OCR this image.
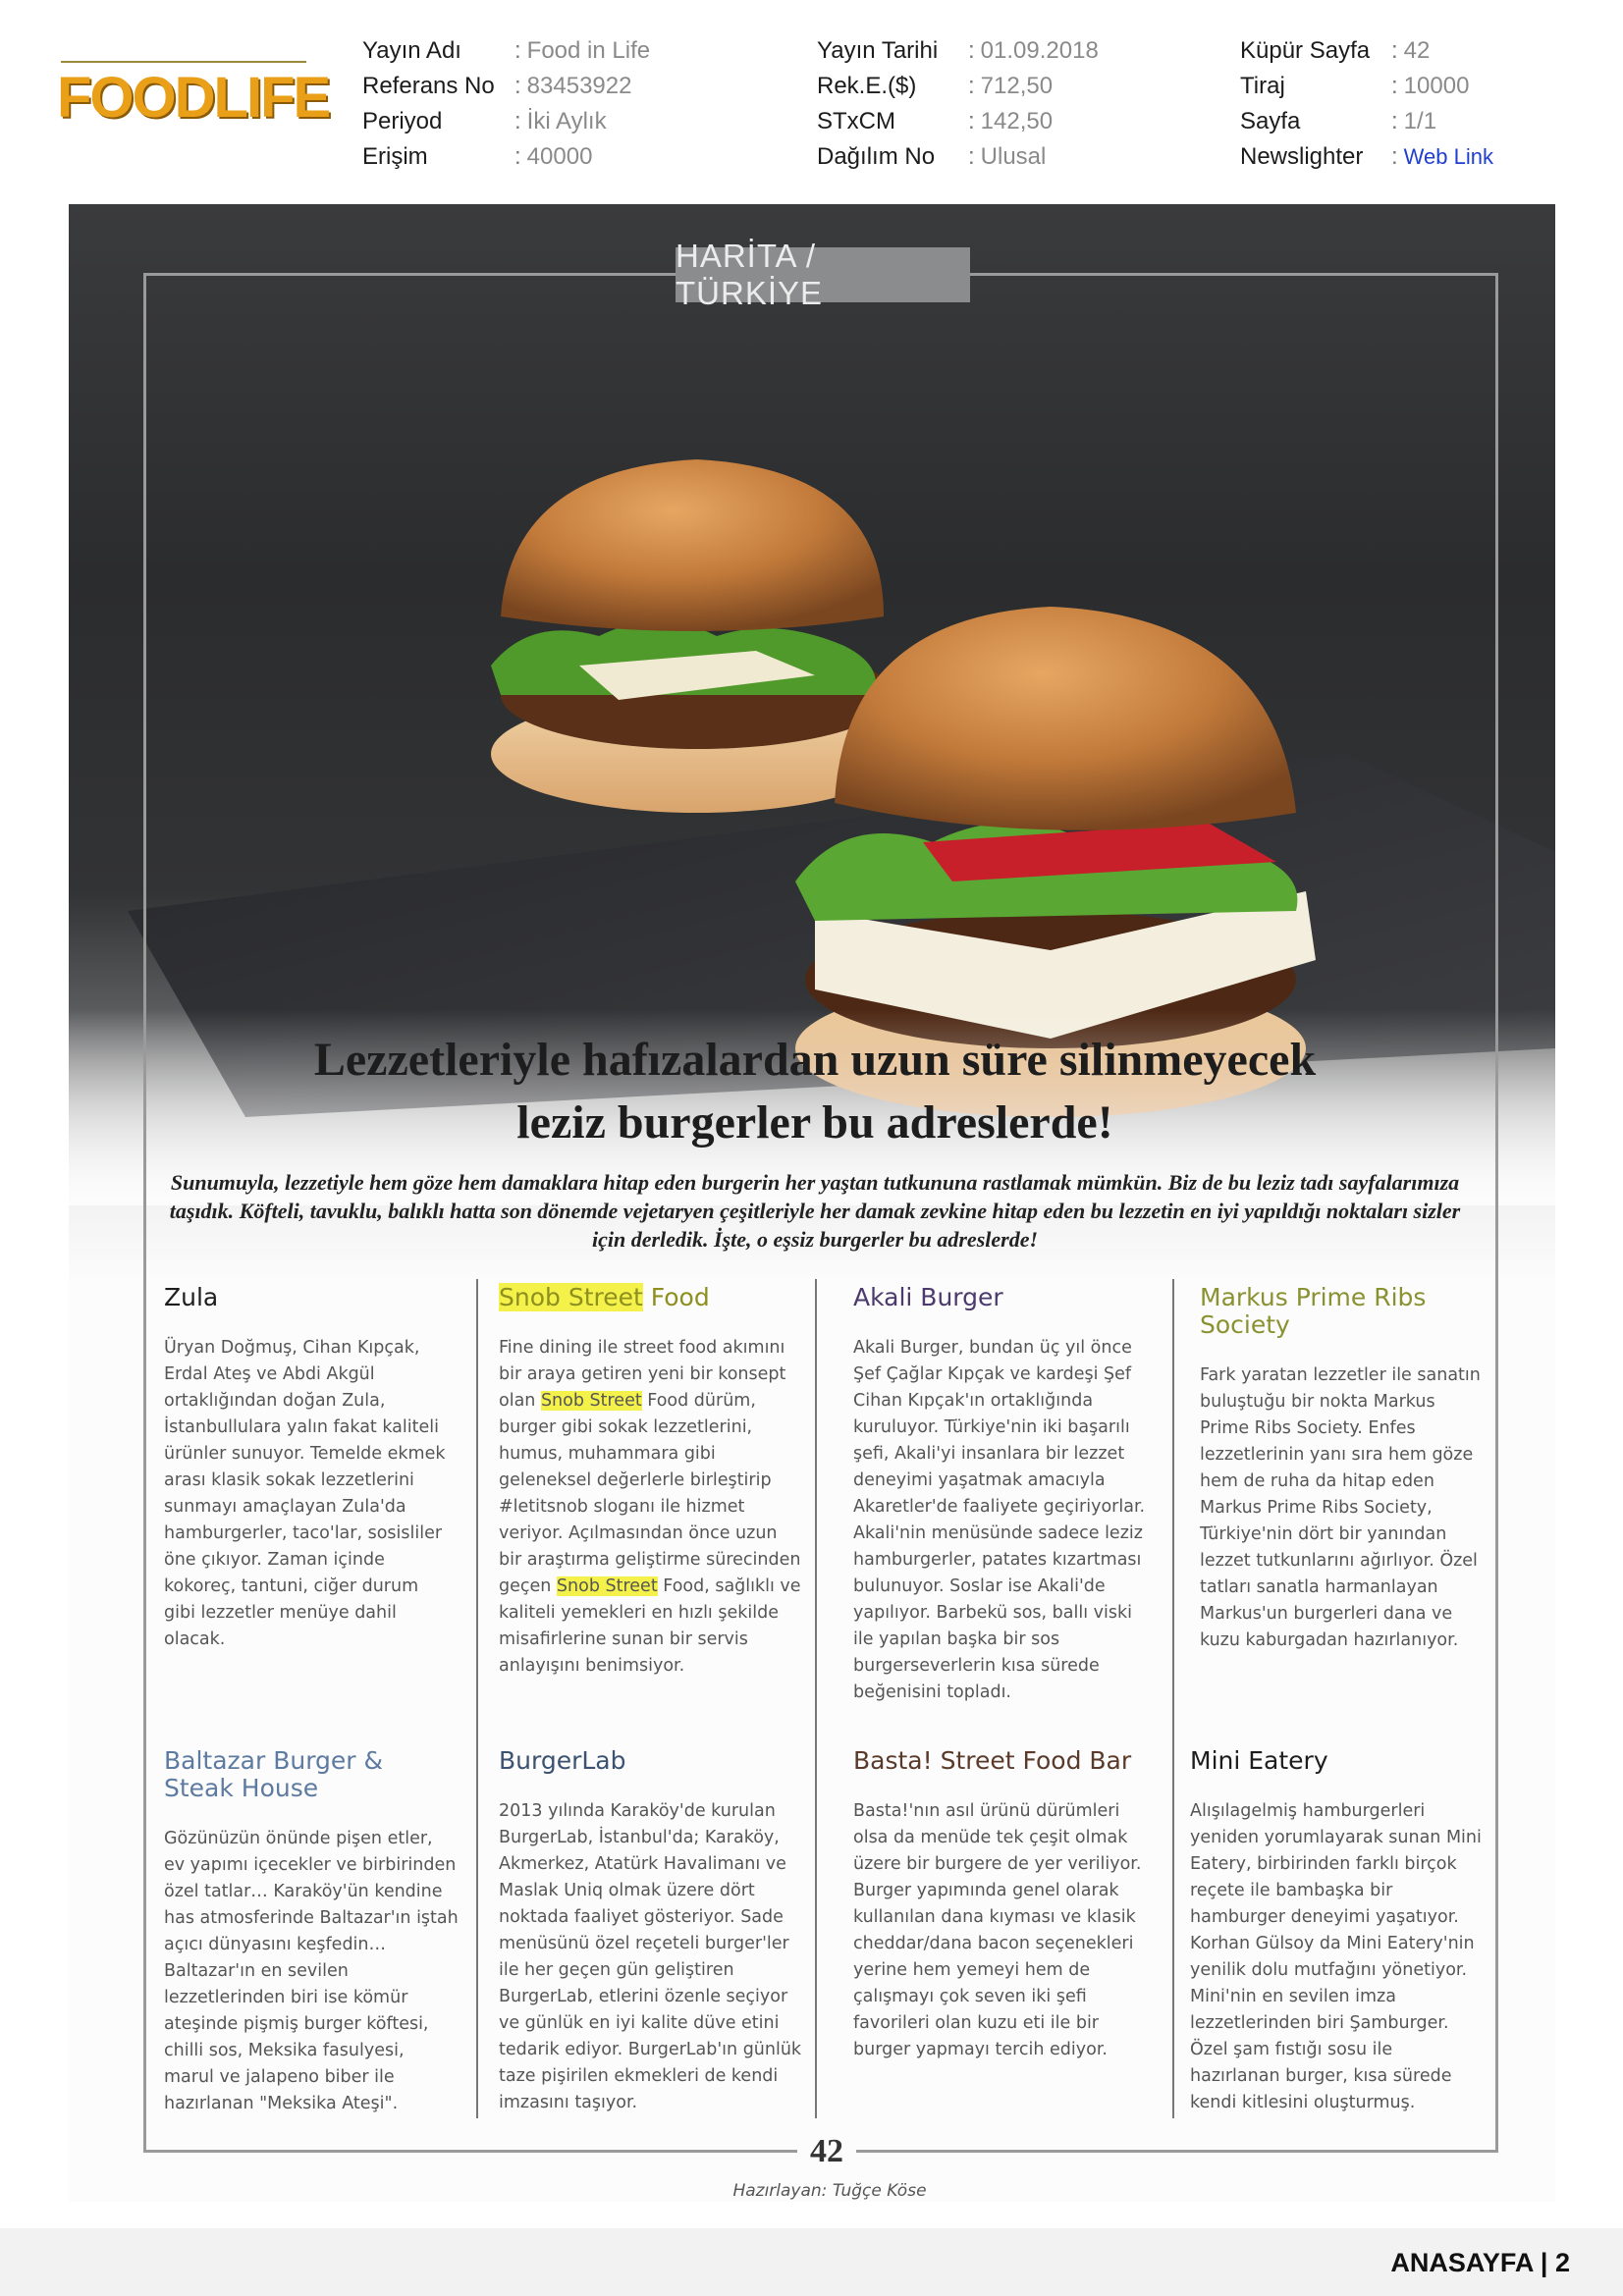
FOODLIFE
Yayın Adı	: Food in Life
Referans No : 83453922
Periyod	: İki Aylık
Erişim	: 40000
Yayın Tarihi	: 01.09.2018
Rek.E.($)	: 712,50
STxCM	: 142,50
Dağılım No	: Ulusal
Küpür Sayfa : 42
Tiraj	: 10000
Sayfa	: 1/1
Newslighter	: Web Link
HARİTA / TÜRKİYE
Lezzetleriyle hafızalardan uzun süre silinmeyecek
leziz burgerler bu adreslerde!
Sunumuyla, lezzetiyle hem göze hem damaklara hitap eden burgerin her yaştan tutkununa rastlamak mümkün. Biz de bu leziz tadı sayfalarımıza taşıdık. Köfteli, tavuklu, balıklı hatta son dönemde vejetaryen çeşitleriyle her damak zevkine hitap eden bu lezzetin en iyi yapıldığı noktaları sizler için derledik. İşte, o eşsiz burgerler bu adreslerde!
Zula
Üryan Doğmuş, Cihan Kıpçak, Erdal Ateş ve Abdi Akgül ortaklığından doğan Zula, İstanbullulara yalın fakat kaliteli ürünler sunuyor. Temelde ekmek arası klasik sokak lezzetlerini sunmayı amaçlayan Zula'da hamburgerler, taco'lar, sosisliler öne çıkıyor. Zaman içinde kokoreç, tantuni, ciğer durum gibi lezzetler menüye dahil olacak.
Snob Street Food
Fine dining ile street food akımını bir araya getiren yeni bir konsept olan Snob Street Food dürüm, burger gibi sokak lezzetlerini, humus, muhammara gibi geleneksel değerlerle birleştirip #letitsnob sloganı ile hizmet veriyor. Açılmasından önce uzun bir araştırma geliştirme sürecinden geçen Snob Street Food, sağlıklı ve kaliteli yemekleri en hızlı şekilde misafirlerine sunan bir servis anlayışını benimsiyor.
Akali Burger
Akali Burger, bundan üç yıl önce Şef Çağlar Kıpçak ve kardeşi Şef Cihan Kıpçak'ın ortaklığında kuruluyor. Türkiye'nin iki başarılı şefi, Akali'yi insanlara bir lezzet deneyimi yaşatmak amacıyla Akaretler'de faaliyete geçiriyorlar. Akali'nin menüsünde sadece leziz hamburgerler, patates kızartması bulunuyor. Soslar ise Akali'de yapılıyor. Barbekü sos, ballı viski ile yapılan başka bir sos burgerseverlerin kısa sürede beğenisini topladı.
Markus Prime Ribs Society
Fark yaratan lezzetler ile sanatın buluştuğu bir nokta Markus Prime Ribs Society. Enfes lezzetlerinin yanı sıra hem göze hem de ruha da hitap eden Markus Prime Ribs Society, Türkiye'nin dört bir yanından lezzet tutkunlarını ağırlıyor. Özel tatları sanatla harmanlayan Markus'un burgerleri dana ve kuzu kaburgadan hazırlanıyor.
Baltazar Burger & Steak House
Gözünüzün önünde pişen etler, ev yapımı içecekler ve birbirinden özel tatlar… Karaköy'ün kendine has atmosferinde Baltazar'ın iştah açıcı dünyasını keşfedin… Baltazar'ın en sevilen lezzetlerinden biri ise kömür ateşinde pişmiş burger köftesi, chilli sos, Meksika fasulyesi, marul ve jalapeno biber ile hazırlanan "Meksika Ateşi".
BurgerLab
2013 yılında Karaköy'de kurulan BurgerLab, İstanbul'da; Karaköy, Akmerkez, Atatürk Havalimanı ve Maslak Uniq olmak üzere dört noktada faaliyet gösteriyor. Sade menüsünü özel reçeteli burger'ler ile her geçen gün geliştiren BurgerLab, etlerini özenle seçiyor ve günlük en iyi kalite düve etini tedarik ediyor. BurgerLab'ın günlük taze pişirilen ekmekleri de kendi imzasını taşıyor.
Basta! Street Food Bar
Basta!'nın asıl ürünü dürümleri olsa da menüde tek çeşit olmak üzere bir burgere de yer veriliyor. Burger yapımında genel olarak kullanılan dana kıyması ve klasik cheddar/dana bacon seçenekleri yerine hem yemeyi hem de çalışmayı çok seven iki şefi favorileri olan kuzu eti ile bir burger yapmayı tercih ediyor.
Mini Eatery
Alışılagelmiş hamburgerleri yeniden yorumlayarak sunan Mini Eatery, birbirinden farklı birçok reçete ile bambaşka bir hamburger deneyimi yaşatıyor. Korhan Gülsoy da Mini Eatery'nin yenilik dolu mutfağını yönetiyor. Mini'nin en sevilen imza lezzetlerinden biri Şamburger. Özel şam fıstığı sosu ile hazırlanan burger, kısa sürede kendi kitlesini oluşturmuş.
42
Hazırlayan: Tuğçe Köse
ANASAYFA | 2
